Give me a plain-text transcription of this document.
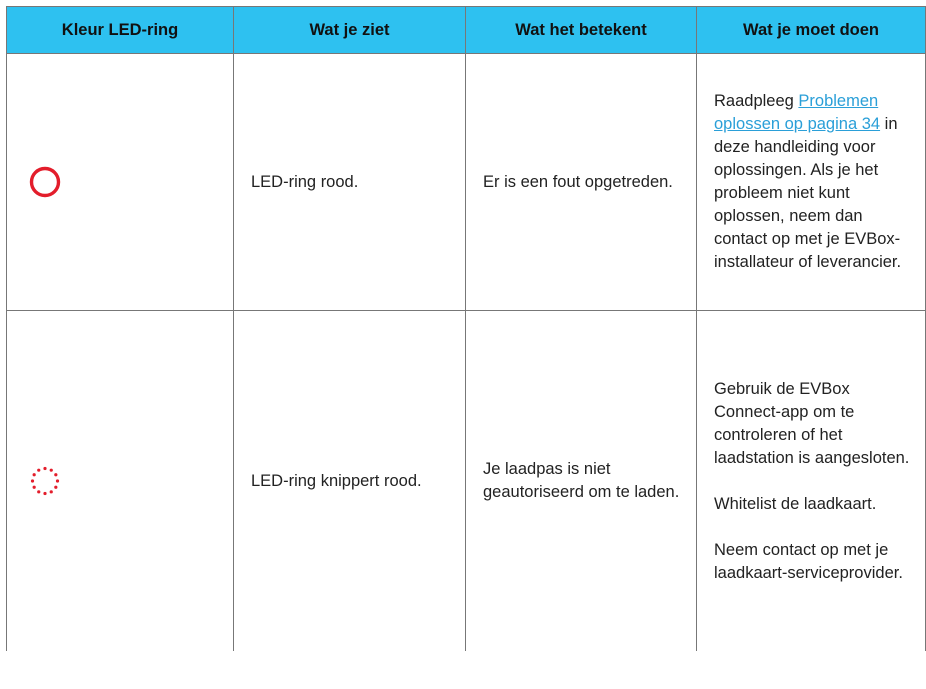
Kleur LED-ring	Wat je ziet	Wat het betekent	Wat je moet doen

	LED-ring rood.	Er is een fout opgetreden.	Raadpleeg Problemen oplossen op pagina 34 in deze handleiding voor oplossingen. Als je het probleem niet kunt oplossen, neem dan contact op met je EVBox-installateur of leverancier.

	LED-ring knippert rood.	Je laadpas is niet geautoriseerd om te laden.	Gebruik de EVBox Connect-app om te controleren of het laadstation is aangesloten.

Whitelist de laadkaart.

Neem contact op met je laadkaart-serviceprovider.
